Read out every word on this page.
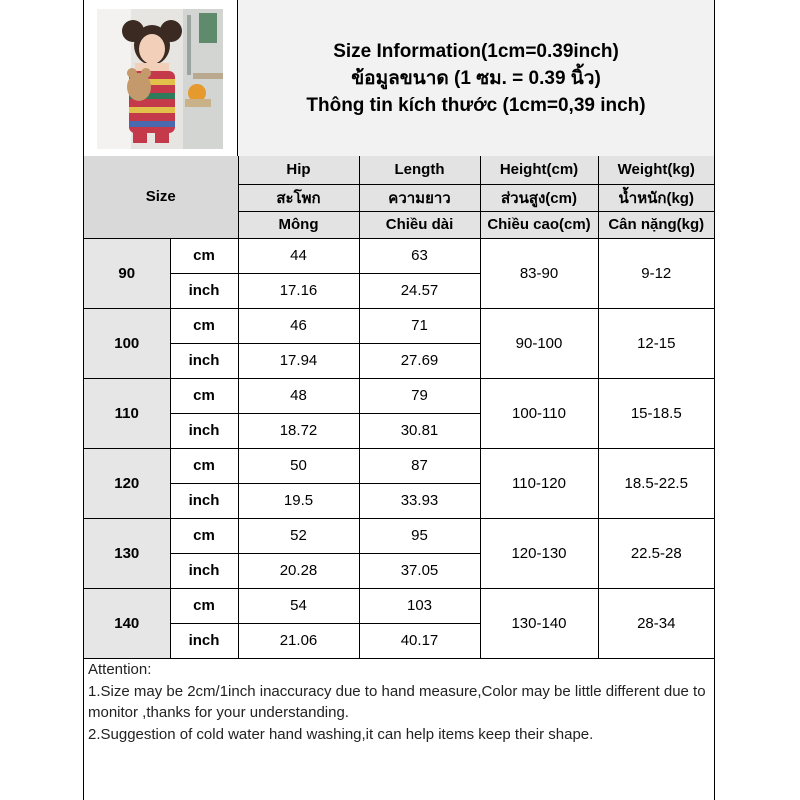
Size Information(1cm=0.39inch)
ข้อมูลขนาด (1 ซม. = 0.39 นิ้ว)
Thông tin kích thước (1cm=0,39 inch)
Size		Hip	Length	Height(cm)	Weight(kg)
		สะโพก	ความยาว	ส่วนสูง(cm)	น้ำหนัก(kg)
		Mông	Chiều dài	Chiều cao(cm)	Cân nặng(kg)
90	cm	44	63	83-90	9-12
	inch	17.16	24.57		
100	cm	46	71	90-100	12-15
	inch	17.94	27.69		
110	cm	48	79	100-110	15-18.5
	inch	18.72	30.81		
120	cm	50	87	110-120	18.5-22.5
	inch	19.5	33.93		
130	cm	52	95	120-130	22.5-28
	inch	20.28	37.05		
140	cm	54	103	130-140	28-34
	inch	21.06	40.17		
Attention:
1.Size may be 2cm/1inch inaccuracy due to hand measure,Color may be little different due to monitor ,thanks for your understanding.
2.Suggestion of cold water hand washing,it can help items keep their shape.
